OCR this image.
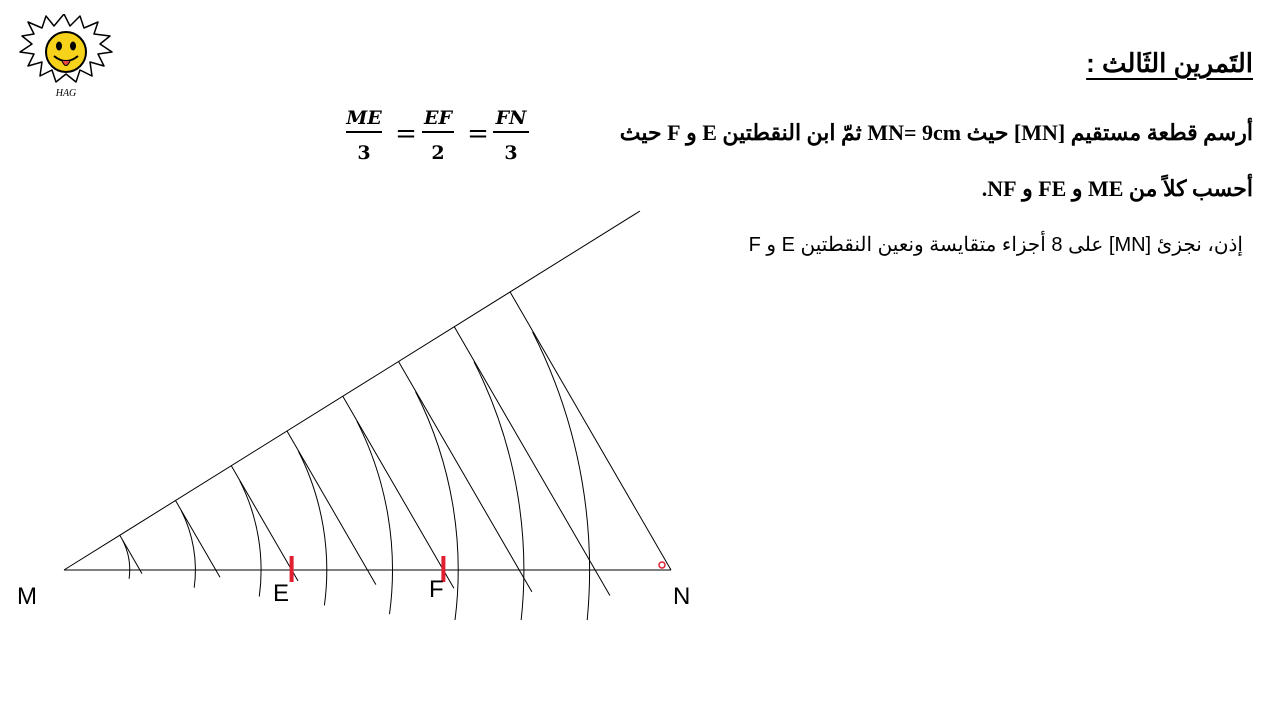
HAG
التَمرين الثَالث :
أرسم قطعة مستقيم [MN] حيث MN= 9cm ثمّ ابن النقطتين E و F حيث
ME
3
=
EF
2
=
FN
3
أحسب كلاً من ME و FE و NF.
إذن، نجزئ [MN] على 8 أجزاء متقايسة ونعين النقطتين E و F
M	E	F	N
